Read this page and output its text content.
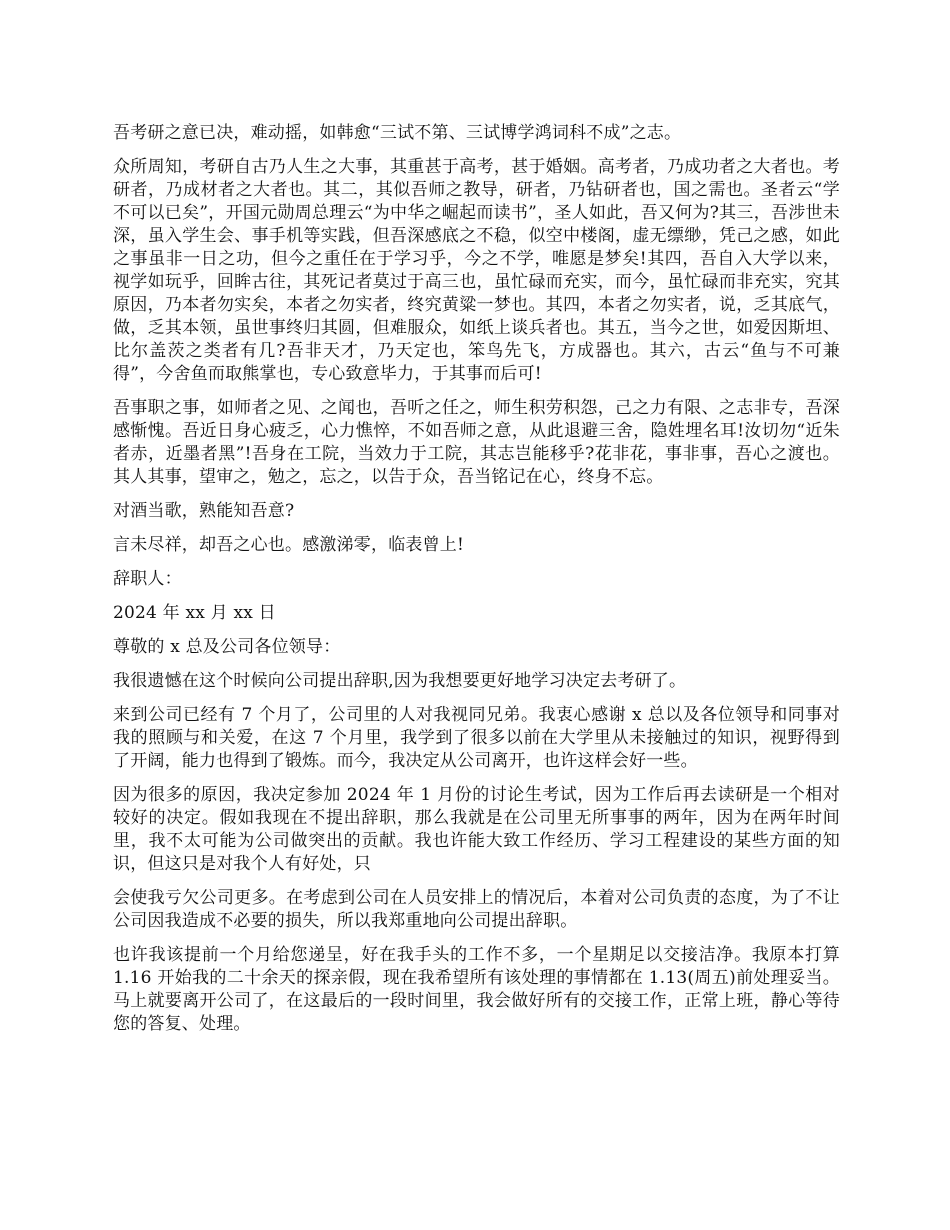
吾考研之意已决，难动摇，如韩愈“三试不第、三试博学鸿词科不成”之志。

众所周知，考研自古乃人生之大事，其重甚于高考，甚于婚姻。高考者，乃成功者之大者也。考研者，乃成材者之大者也。其二，其似吾师之教导，研者，乃钻研者也，国之需也。圣者云“学不可以已矣”，开国元勋周总理云“为中华之崛起而读书”，圣人如此，吾又何为?其三，吾涉世未深，虽入学生会、事手机等实践，但吾深感底之不稳，似空中楼阁，虚无缥缈，凭己之感，如此之事虽非一日之功，但今之重任在于学习乎，今之不学，唯愿是梦矣!其四，吾自入大学以来，视学如玩乎，回眸古往，其死记者莫过于高三也，虽忙碌而充实，而今，虽忙碌而非充实，究其原因，乃本者勿实矣，本者之勿实者，终究黄粱一梦也。其四，本者之勿实者，说，乏其底气，做，乏其本领，虽世事终归其圆，但难服众，如纸上谈兵者也。其五，当今之世，如爱因斯坦、比尔盖茨之类者有几?吾非天才，乃天定也，笨鸟先飞，方成器也。其六，古云“鱼与不可兼得”，今舍鱼而取熊掌也，专心致意毕力，于其事而后可!

吾事职之事，如师者之见、之闻也，吾听之任之，师生积劳积怨，己之力有限、之志非专，吾深感惭愧。吾近日身心疲乏，心力憔悴，不如吾师之意，从此退避三舍，隐姓埋名耳!汝切勿“近朱者赤，近墨者黑”!吾身在工院，当效力于工院，其志岂能移乎?花非花，事非事，吾心之渡也。其人其事，望审之，勉之，忘之，以告于众，吾当铭记在心，终身不忘。

对酒当歌，熟能知吾意?

言未尽祥，却吾之心也。感激涕零，临表曾上!

辞职人：

2024 年 xx 月 xx 日

尊敬的 x 总及公司各位领导：

我很遗憾在这个时候向公司提出辞职,因为我想要更好地学习决定去考研了。

来到公司已经有 7 个月了，公司里的人对我视同兄弟。我衷心感谢 x 总以及各位领导和同事对我的照顾与和关爱，在这 7 个月里，我学到了很多以前在大学里从未接触过的知识，视野得到了开阔，能力也得到了锻炼。而今，我决定从公司离开，也许这样会好一些。

因为很多的原因，我决定参加 2024 年 1 月份的讨论生考试，因为工作后再去读研是一个相对较好的决定。假如我现在不提出辞职，那么我就是在公司里无所事事的两年，因为在两年时间里，我不太可能为公司做突出的贡献。我也许能大致工作经历、学习工程建设的某些方面的知识，但这只是对我个人有好处，只

会使我亏欠公司更多。在考虑到公司在人员安排上的情况后，本着对公司负责的态度，为了不让公司因我造成不必要的损失，所以我郑重地向公司提出辞职。

也许我该提前一个月给您递呈，好在我手头的工作不多，一个星期足以交接洁净。我原本打算 1.16 开始我的二十余天的探亲假，现在我希望所有该处理的事情都在 1.13(周五)前处理妥当。马上就要离开公司了，在这最后的一段时间里，我会做好所有的交接工作，正常上班，静心等待您的答复、处理。
